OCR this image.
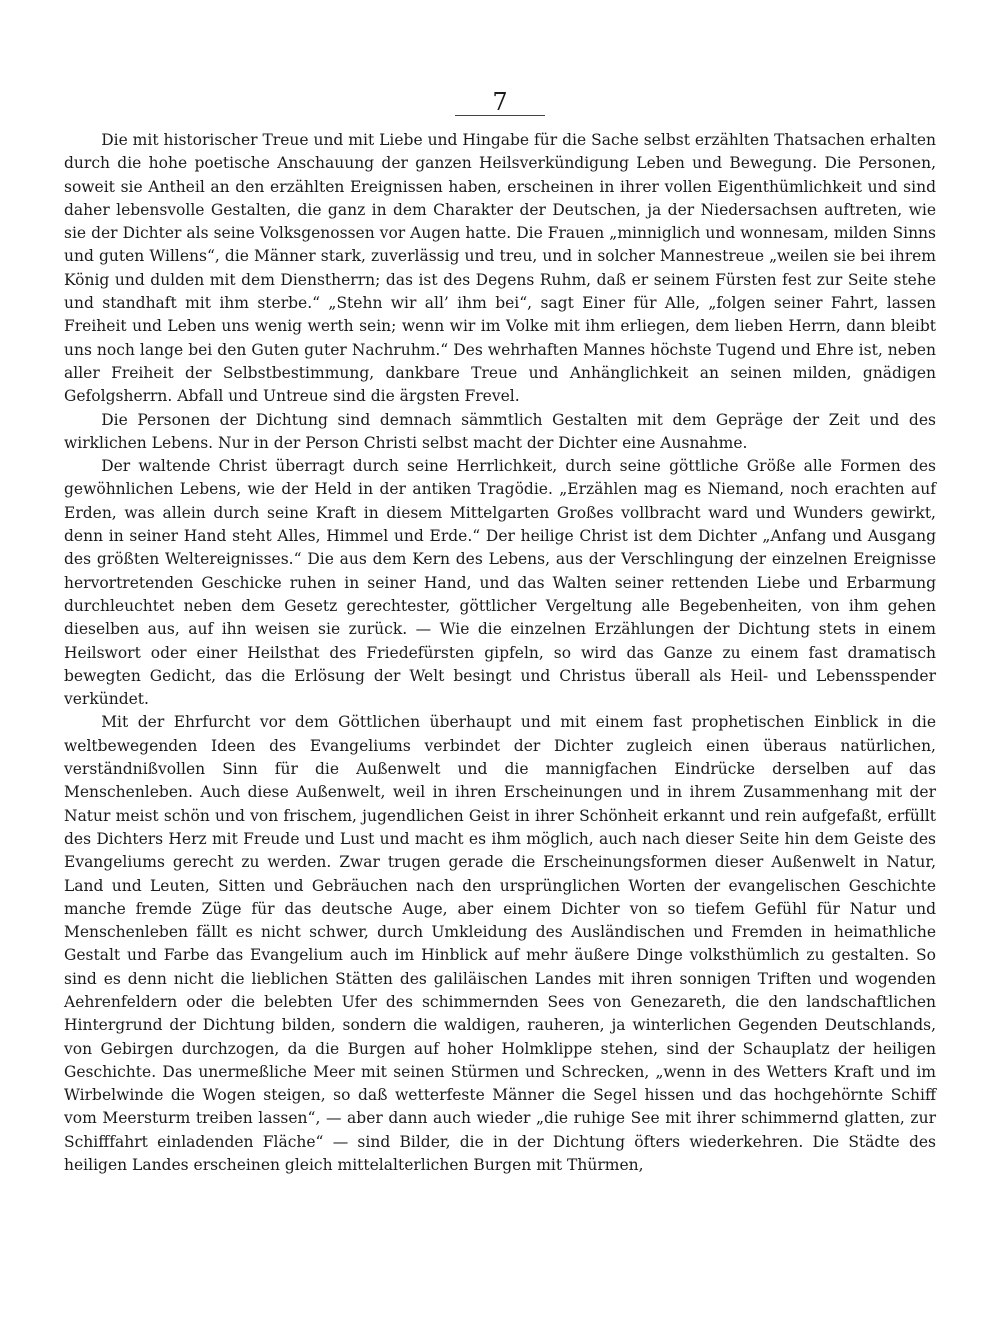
7

Die mit historischer Treue und mit Liebe und Hingabe für die Sache selbst erzählten Thatsachen erhalten durch die hohe poetische Anschauung der ganzen Heilsverkündigung Leben und Bewegung. Die Personen, soweit sie Antheil an den erzählten Ereignissen haben, erscheinen in ihrer vollen Eigenthümlichkeit und sind daher lebensvolle Gestalten, die ganz in dem Charakter der Deutschen, ja der Niedersachsen auftreten, wie sie der Dichter als seine Volksgenossen vor Augen hatte. Die Frauen „minniglich und wonnesam, milden Sinns und guten Willens“, die Männer stark, zuverlässig und treu, und in solcher Mannestreue „weilen sie bei ihrem König und dulden mit dem Dienstherrn; das ist des Degens Ruhm, daß er seinem Fürsten fest zur Seite stehe und standhaft mit ihm sterbe.“ „Stehn wir all’ ihm bei“, sagt Einer für Alle, „folgen seiner Fahrt, lassen Freiheit und Leben uns wenig werth sein; wenn wir im Volke mit ihm erliegen, dem lieben Herrn, dann bleibt uns noch lange bei den Guten guter Nachruhm.“ Des wehrhaften Mannes höchste Tugend und Ehre ist, neben aller Freiheit der Selbstbestimmung, dankbare Treue und Anhänglichkeit an seinen milden, gnädigen Gefolgsherrn. Abfall und Untreue sind die ärgsten Frevel.

Die Personen der Dichtung sind demnach sämmtlich Gestalten mit dem Gepräge der Zeit und des wirklichen Lebens. Nur in der Person Christi selbst macht der Dichter eine Ausnahme.

Der waltende Christ überragt durch seine Herrlichkeit, durch seine göttliche Größe alle Formen des gewöhnlichen Lebens, wie der Held in der antiken Tragödie. „Erzählen mag es Niemand, noch erachten auf Erden, was allein durch seine Kraft in diesem Mittelgarten Großes vollbracht ward und Wunders gewirkt, denn in seiner Hand steht Alles, Himmel und Erde.“ Der heilige Christ ist dem Dichter „Anfang und Ausgang des größten Weltereignisses.“ Die aus dem Kern des Lebens, aus der Verschlingung der einzelnen Ereignisse hervortretenden Geschicke ruhen in seiner Hand, und das Walten seiner rettenden Liebe und Erbarmung durchleuchtet neben dem Gesetz gerechtester, göttlicher Vergeltung alle Begebenheiten, von ihm gehen dieselben aus, auf ihn weisen sie zurück. — Wie die einzelnen Erzählungen der Dichtung stets in einem Heilswort oder einer Heilsthat des Friedefürsten gipfeln, so wird das Ganze zu einem fast dramatisch bewegten Gedicht, das die Erlösung der Welt besingt und Christus überall als Heil- und Lebensspender verkündet.

Mit der Ehrfurcht vor dem Göttlichen überhaupt und mit einem fast prophetischen Einblick in die weltbewegenden Ideen des Evangeliums verbindet der Dichter zugleich einen überaus natürlichen, verständnißvollen Sinn für die Außenwelt und die mannigfachen Eindrücke derselben auf das Menschenleben. Auch diese Außenwelt, weil in ihren Erscheinungen und in ihrem Zusammenhang mit der Natur meist schön und von frischem, jugendlichen Geist in ihrer Schönheit erkannt und rein aufgefaßt, erfüllt des Dichters Herz mit Freude und Lust und macht es ihm möglich, auch nach dieser Seite hin dem Geiste des Evangeliums gerecht zu werden. Zwar trugen gerade die Erscheinungsformen dieser Außenwelt in Natur, Land und Leuten, Sitten und Gebräuchen nach den ursprünglichen Worten der evangelischen Geschichte manche fremde Züge für das deutsche Auge, aber einem Dichter von so tiefem Gefühl für Natur und Menschenleben fällt es nicht schwer, durch Umkleidung des Ausländischen und Fremden in heimathliche Gestalt und Farbe das Evangelium auch im Hinblick auf mehr äußere Dinge volksthümlich zu gestalten. So sind es denn nicht die lieblichen Stätten des galiläischen Landes mit ihren sonnigen Triften und wogenden Aehrenfeldern oder die belebten Ufer des schimmernden Sees von Genezareth, die den landschaftlichen Hintergrund der Dichtung bilden, sondern die waldigen, rauheren, ja winterlichen Gegenden Deutschlands, von Gebirgen durchzogen, da die Burgen auf hoher Holmklippe stehen, sind der Schauplatz der heiligen Geschichte. Das unermeßliche Meer mit seinen Stürmen und Schrecken, „wenn in des Wetters Kraft und im Wirbelwinde die Wogen steigen, so daß wetterfeste Männer die Segel hissen und das hochgehörnte Schiff vom Meersturm treiben lassen“, — aber dann auch wieder „die ruhige See mit ihrer schimmernd glatten, zur Schifffahrt einladenden Fläche“ — sind Bilder, die in der Dichtung öfters wiederkehren. Die Städte des heiligen Landes erscheinen gleich mittelalterlichen Burgen mit Thürmen,
